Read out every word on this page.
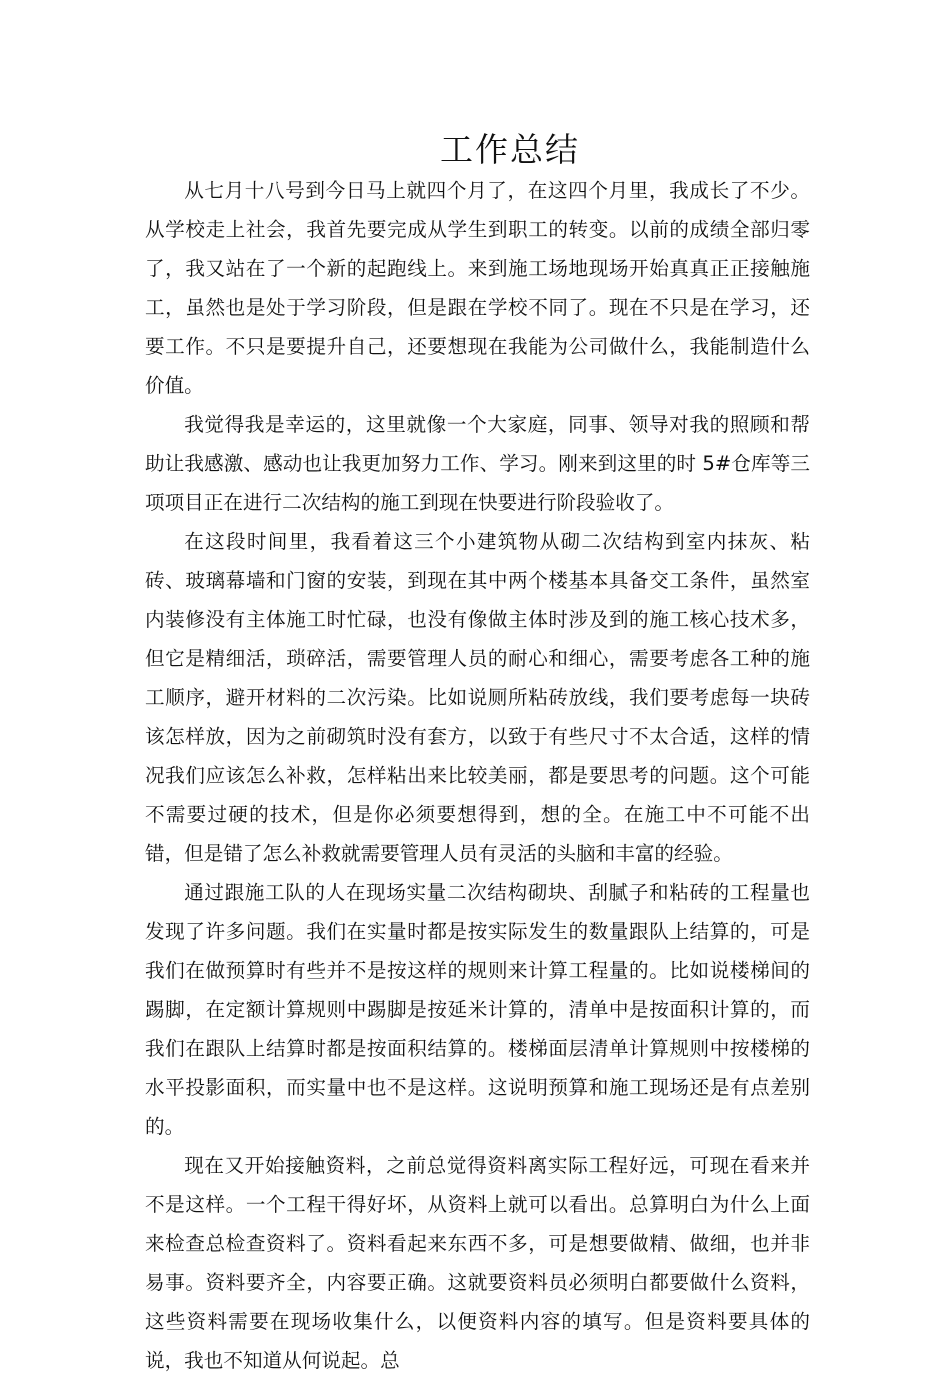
工作总结

从七月十八号到今日马上就四个月了，在这四个月里，我成长了不少。从学校走上社会，我首先要完成从学生到职工的转变。以前的成绩全部归零了，我又站在了一个新的起跑线上。来到施工场地现场开始真真正正接触施工，虽然也是处于学习阶段，但是跟在学校不同了。现在不只是在学习，还要工作。不只是要提升自己，还要想现在我能为公司做什么，我能制造什么价值。

我觉得我是幸运的，这里就像一个大家庭，同事、领导对我的照顾和帮助让我感激、感动也让我更加努力工作、学习。刚来到这里的时 5#仓库等三项项目正在进行二次结构的施工到现在快要进行阶段验收了。

在这段时间里，我看着这三个小建筑物从砌二次结构到室内抹灰、粘砖、玻璃幕墙和门窗的安装，到现在其中两个楼基本具备交工条件，虽然室内装修没有主体施工时忙碌，也没有像做主体时涉及到的施工核心技术多，但它是精细活，琐碎活，需要管理人员的耐心和细心，需要考虑各工种的施工顺序，避开材料的二次污染。比如说厕所粘砖放线，我们要考虑每一块砖该怎样放，因为之前砌筑时没有套方，以致于有些尺寸不太合适，这样的情况我们应该怎么补救，怎样粘出来比较美丽，都是要思考的问题。这个可能不需要过硬的技术，但是你必须要想得到，想的全。在施工中不可能不出错，但是错了怎么补救就需要管理人员有灵活的头脑和丰富的经验。

通过跟施工队的人在现场实量二次结构砌块、刮腻子和粘砖的工程量也发现了许多问题。我们在实量时都是按实际发生的数量跟队上结算的，可是我们在做预算时有些并不是按这样的规则来计算工程量的。比如说楼梯间的踢脚，在定额计算规则中踢脚是按延米计算的，清单中是按面积计算的，而我们在跟队上结算时都是按面积结算的。楼梯面层清单计算规则中按楼梯的水平投影面积，而实量中也不是这样。这说明预算和施工现场还是有点差别的。

现在又开始接触资料，之前总觉得资料离实际工程好远，可现在看来并不是这样。一个工程干得好坏，从资料上就可以看出。总算明白为什么上面来检查总检查资料了。资料看起来东西不多，可是想要做精、做细，也并非易事。资料要齐全，内容要正确。这就要资料员必须明白都要做什么资料，这些资料需要在现场收集什么，以便资料内容的填写。但是资料要具体的说，我也不知道从何说起。总
